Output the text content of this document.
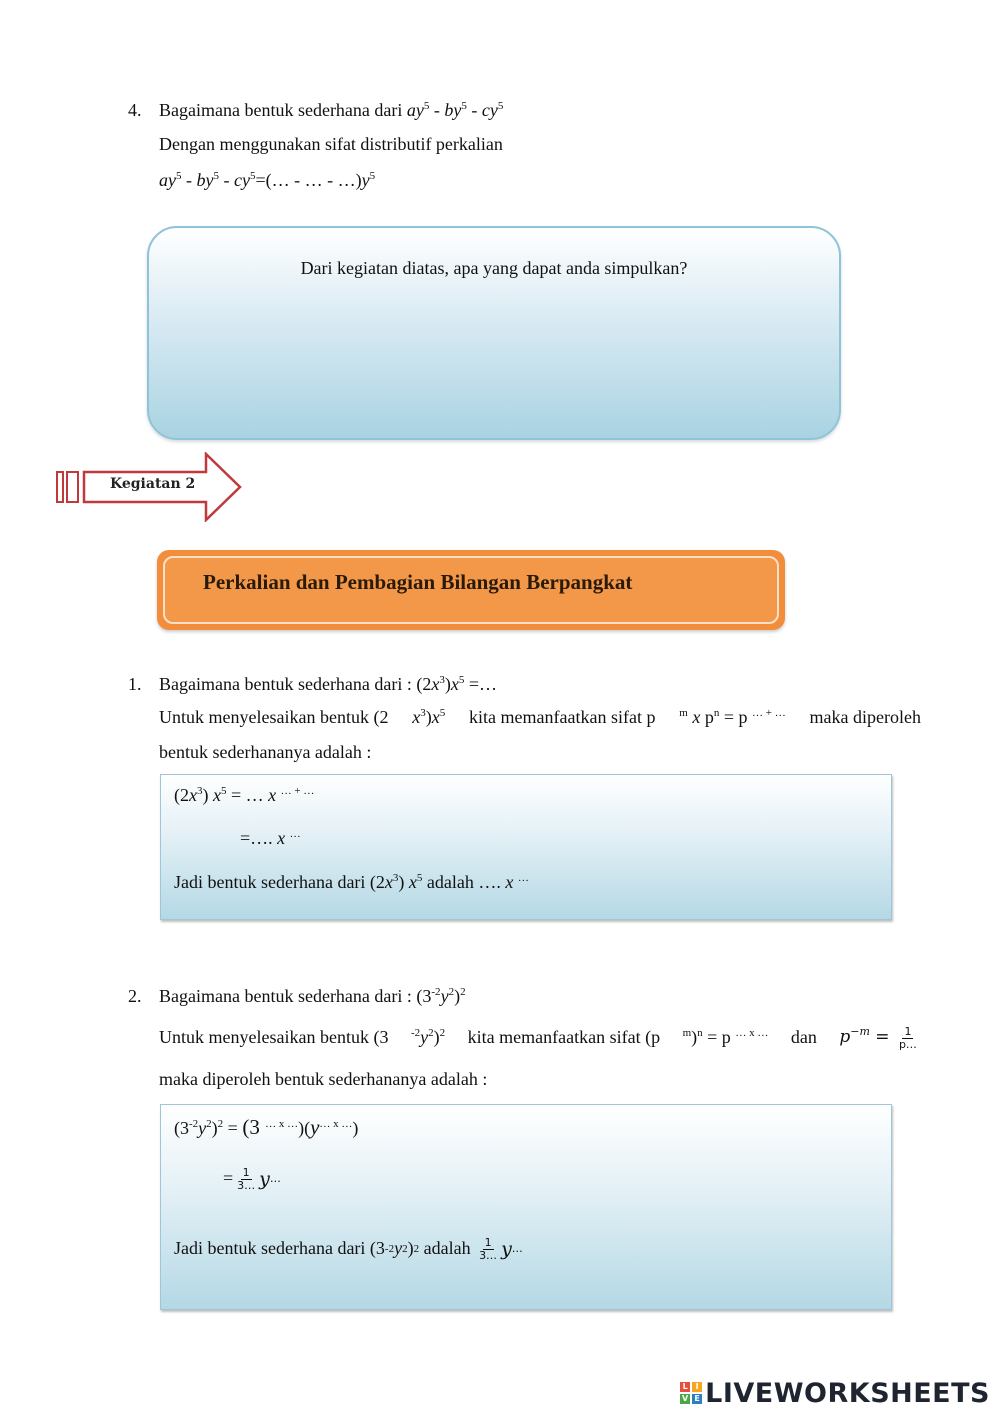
4. Bagaimana bentuk sederhana dari $ay^5 - by^5 - cy^5$
Dengan menggunakan sifat distributif perkalian
$ay^5 - by^5$ - $cy^5=(\dots$ - … - $\dots)y^5$
Dari kegiatan diatas, apa yang dapat anda simpulkan?
Kegiatan 2
Perkalian dan Pembagian Bilangan Berpangkat
1. Bagaimana bentuk sederhana dari : $(2x^3)x^5$ =…
Untuk menyelesaikan bentuk (2 $x^3)x^5$ kita memanfaatkan sifat p $^m$ x $p^n = p$ … + … maka diperoleh
bentuk sederhananya adalah :
$(2x^3) x^5$ = … x … + …
=…. x …
Jadi bentuk sederhana dari $(2x^3)$ $x^5$ adalah …. x …
2. Bagaimana bentuk sederhana dari : $(3^{-2}y^2)^2$
Untuk menyelesaikan bentuk (3 $^{-2}y^2)^2$ kita memanfaatkan sifat (p $^m$)$^n$ = p $^{\dots x \dots}$ dan $p^{-m} = \frac{1}{p\dots}$
maka diperoleh bentuk sederhananya adalah :
$(3^{-2}y^2)^2 = (3$ $^{\dots x \dots})(y^{\dots x \dots})$
= $\frac{1}{3\dots}$ y …
Jadi bentuk sederhana dari (3 -2 y 2 ) 2 adalah $\frac{1}{3\dots}$ y …
L I
V E LIVEWORKSHEETS
